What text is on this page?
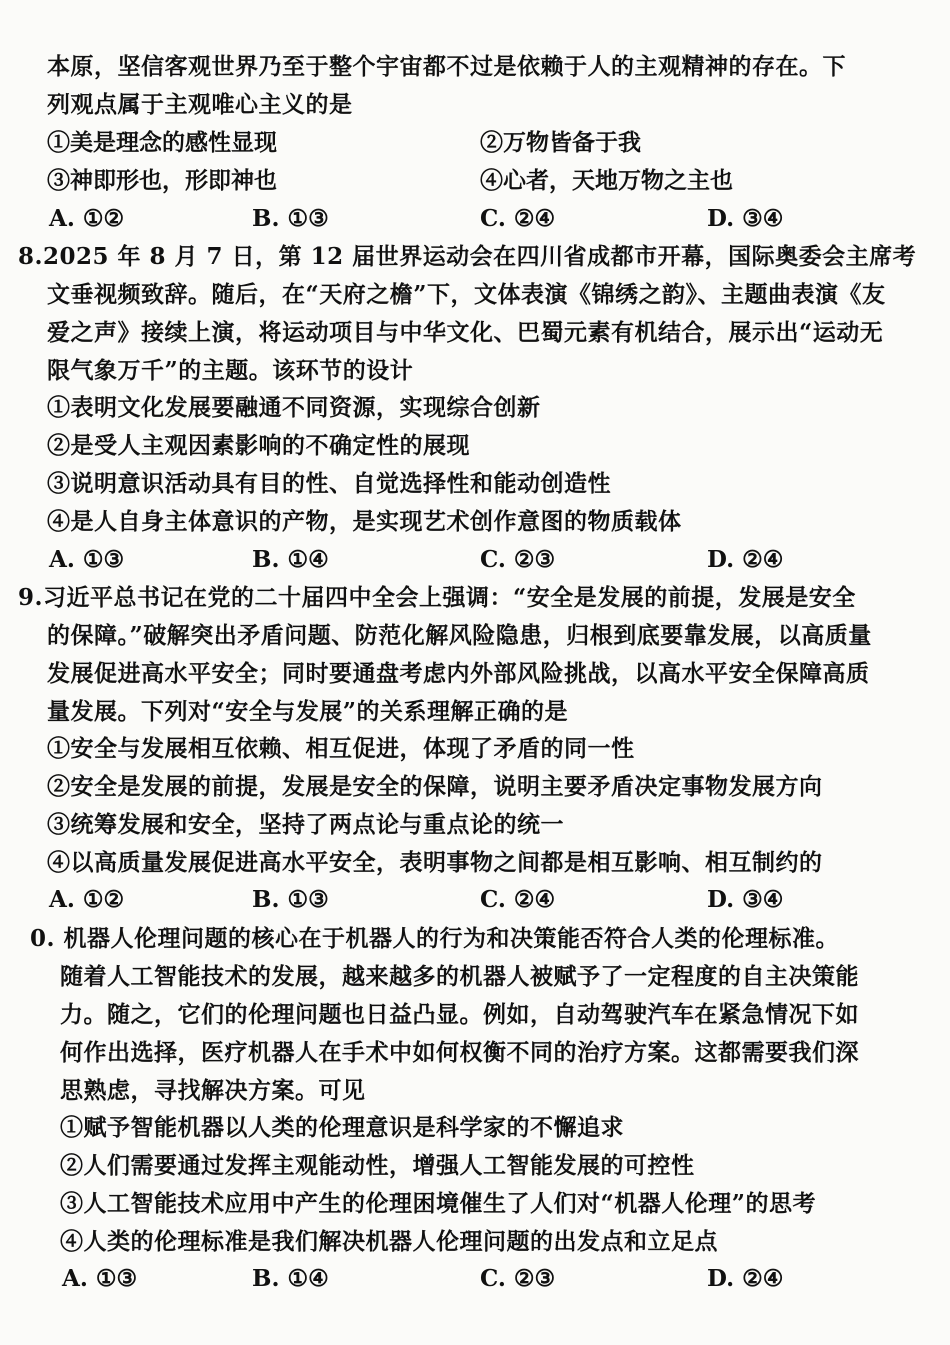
本原，坚信客观世界乃至于整个宇宙都不过是依赖于人的主观精神的存在。下
列观点属于主观唯心主义的是
①美是理念的感性显现	②万物皆备于我
③神即形也，形即神也	④心者，天地万物之主也
A. ①②	B. ①③	C. ②④	D. ③④
8.2025 年 8 月 7 日，第 12 届世界运动会在四川省成都市开幕，国际奥委会主席考
文垂视频致辞。随后，在“天府之檐”下，文体表演《锦绣之韵》、主题曲表演《友
爱之声》接续上演，将运动项目与中华文化、巴蜀元素有机结合，展示出“运动无
限气象万千”的主题。该环节的设计
①表明文化发展要融通不同资源，实现综合创新
②是受人主观因素影响的不确定性的展现
③说明意识活动具有目的性、自觉选择性和能动创造性
④是人自身主体意识的产物，是实现艺术创作意图的物质载体
A. ①③	B. ①④	C. ②③	D. ②④
9.习近平总书记在党的二十届四中全会上强调：“安全是发展的前提，发展是安全
的保障。”破解突出矛盾问题、防范化解风险隐患，归根到底要靠发展，以高质量
发展促进高水平安全；同时要通盘考虑内外部风险挑战，以高水平安全保障高质
量发展。下列对“安全与发展”的关系理解正确的是
①安全与发展相互依赖、相互促进，体现了矛盾的同一性
②安全是发展的前提，发展是安全的保障，说明主要矛盾决定事物发展方向
③统筹发展和安全，坚持了两点论与重点论的统一
④以高质量发展促进高水平安全，表明事物之间都是相互影响、相互制约的
A. ①②	B. ①③	C. ②④	D. ③④
0. 机器人伦理问题的核心在于机器人的行为和决策能否符合人类的伦理标准。
随着人工智能技术的发展，越来越多的机器人被赋予了一定程度的自主决策能
力。随之，它们的伦理问题也日益凸显。例如，自动驾驶汽车在紧急情况下如
何作出选择，医疗机器人在手术中如何权衡不同的治疗方案。这都需要我们深
思熟虑，寻找解决方案。可见
①赋予智能机器以人类的伦理意识是科学家的不懈追求
②人们需要通过发挥主观能动性，增强人工智能发展的可控性
③人工智能技术应用中产生的伦理困境催生了人们对“机器人伦理”的思考
④人类的伦理标准是我们解决机器人伦理问题的出发点和立足点
A. ①③	B. ①④	C. ②③	D. ②④
